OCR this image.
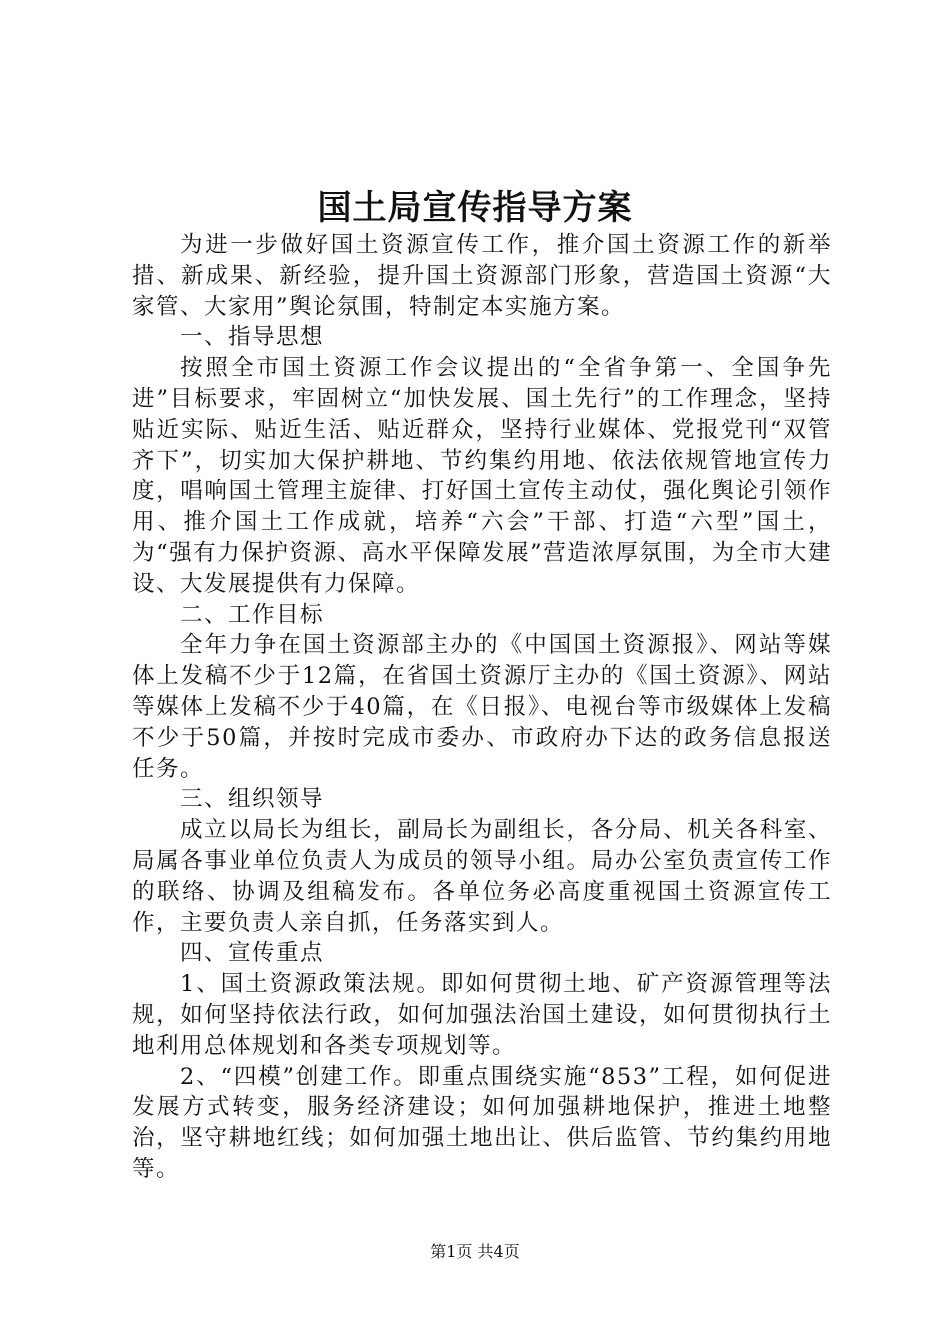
国土局宣传指导方案

为进一步做好国土资源宣传工作，推介国土资源工作的新举措、新成果、新经验，提升国土资源部门形象，营造国土资源“大家管、大家用”舆论氛围，特制定本实施方案。

一、指导思想

按照全市国土资源工作会议提出的“全省争第一、全国争先进”目标要求，牢固树立“加快发展、国土先行”的工作理念，坚持贴近实际、贴近生活、贴近群众，坚持行业媒体、党报党刊“双管齐下”，切实加大保护耕地、节约集约用地、依法依规管地宣传力度，唱响国土管理主旋律、打好国土宣传主动仗，强化舆论引领作用、推介国土工作成就，培养“六会”干部、打造“六型”国土，为“强有力保护资源、高水平保障发展”营造浓厚氛围，为全市大建设、大发展提供有力保障。

二、工作目标

全年力争在国土资源部主办的《中国国土资源报》、网站等媒体上发稿不少于12篇，在省国土资源厅主办的《国土资源》、网站等媒体上发稿不少于40篇，在《日报》、电视台等市级媒体上发稿不少于50篇，并按时完成市委办、市政府办下达的政务信息报送任务。

三、组织领导

成立以局长为组长，副局长为副组长，各分局、机关各科室、局属各事业单位负责人为成员的领导小组。局办公室负责宣传工作的联络、协调及组稿发布。各单位务必高度重视国土资源宣传工作，主要负责人亲自抓，任务落实到人。

四、宣传重点

1、国土资源政策法规。即如何贯彻土地、矿产资源管理等法规，如何坚持依法行政，如何加强法治国土建设，如何贯彻执行土地利用总体规划和各类专项规划等。

2、“四模”创建工作。即重点围绕实施“853”工程，如何促进发展方式转变，服务经济建设；如何加强耕地保护，推进土地整治，坚守耕地红线；如何加强土地出让、供后监管、节约集约用地等。

第1页 共4页
